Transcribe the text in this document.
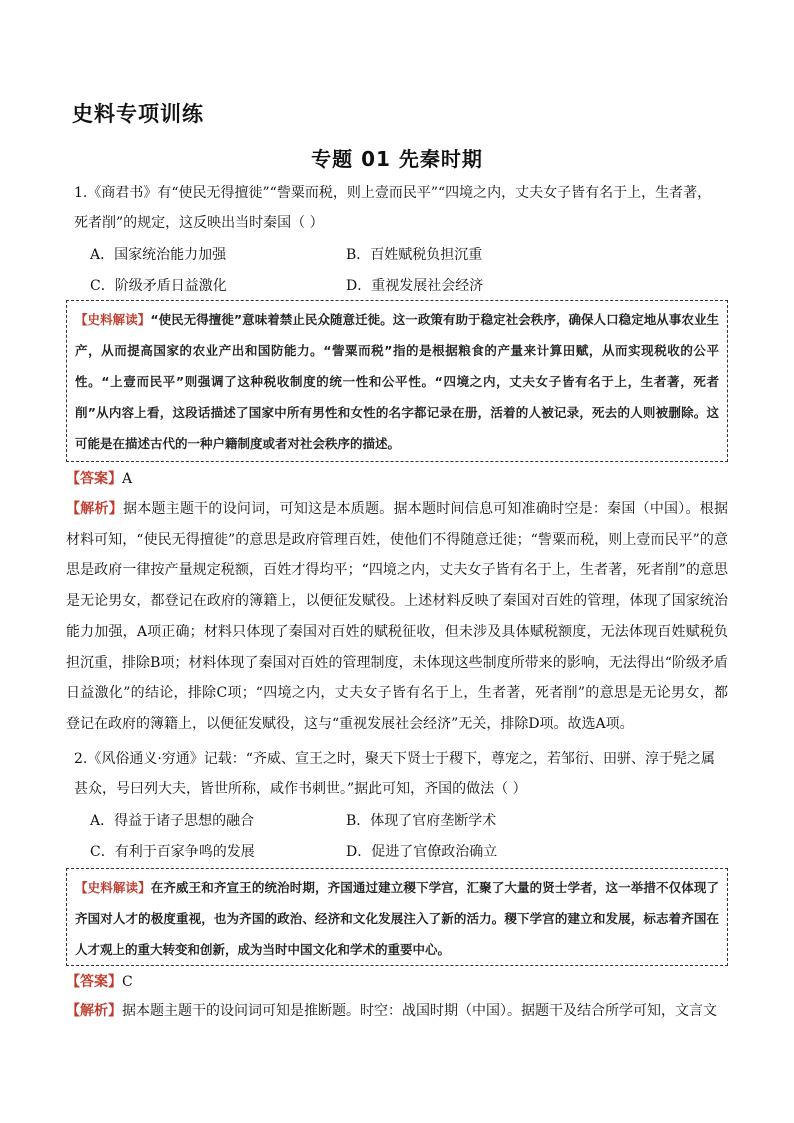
史料专项训练
专题 01 先秦时期
1.《商君书》有“使民无得擅徙”“訾粟而税，则上壹而民平”“四境之内，丈夫女子皆有名于上，生者著，死者削”的规定，这反映出当时秦国（ ）
A．国家统治能力加强	B．百姓赋税负担沉重
C．阶级矛盾日益激化	D．重视发展社会经济
【史料解读】“使民无得擅徙”意味着禁止民众随意迁徙。这一政策有助于稳定社会秩序，确保人口稳定地从事农业生产，从而提高国家的农业产出和国防能力。“訾粟而税”指的是根据粮食的产量来计算田赋，从而实现税收的公平性。“上壹而民平”则强调了这种税收制度的统一性和公平性。“四境之内，丈夫女子皆有名于上，生者著，死者削”从内容上看，这段话描述了国家中所有男性和女性的名字都记录在册，活着的人被记录，死去的人则被删除。这可能是在描述古代的一种户籍制度或者对社会秩序的描述。
【答案】A
【解析】据本题主题干的设问词，可知这是本质题。据本题时间信息可知准确时空是：秦国（中国）。根据材料可知，“使民无得擅徙”的意思是政府管理百姓，使他们不得随意迁徙；“訾粟而税，则上壹而民平”的意思是政府一律按产量规定税额，百姓才得均平；“四境之内，丈夫女子皆有名于上，生者著，死者削”的意思是无论男女，都登记在政府的簿籍上，以便征发赋役。上述材料反映了秦国对百姓的管理，体现了国家统治能力加强，A项正确；材料只体现了秦国对百姓的赋税征收，但未涉及具体赋税额度，无法体现百姓赋税负担沉重，排除B项；材料体现了秦国对百姓的管理制度，未体现这些制度所带来的影响，无法得出“阶级矛盾日益激化”的结论，排除C项；“四境之内，丈夫女子皆有名于上，生者著，死者削”的意思是无论男女，都登记在政府的簿籍上，以便征发赋役，这与“重视发展社会经济”无关，排除D项。故选A项。
2.《风俗通义·穷通》记载：“齐威、宣王之时，聚天下贤士于稷下，尊宠之，若邹衍、田骈、淳于髡之属甚众，号曰列大夫，皆世所称，咸作书刺世。”据此可知，齐国的做法（ ）
A．得益于诸子思想的融合	B．体现了官府垄断学术
C．有利于百家争鸣的发展	D．促进了官僚政治确立
【史料解读】在齐威王和齐宣王的统治时期，齐国通过建立稷下学宫，汇聚了大量的贤士学者，这一举措不仅体现了齐国对人才的极度重视，也为齐国的政治、经济和文化发展注入了新的活力。稷下学宫的建立和发展，标志着齐国在人才观上的重大转变和创新，成为当时中国文化和学术的重要中心。
【答案】C
【解析】据本题主题干的设问词可知是推断题。时空：战国时期（中国）。据题干及结合所学可知，文言文
